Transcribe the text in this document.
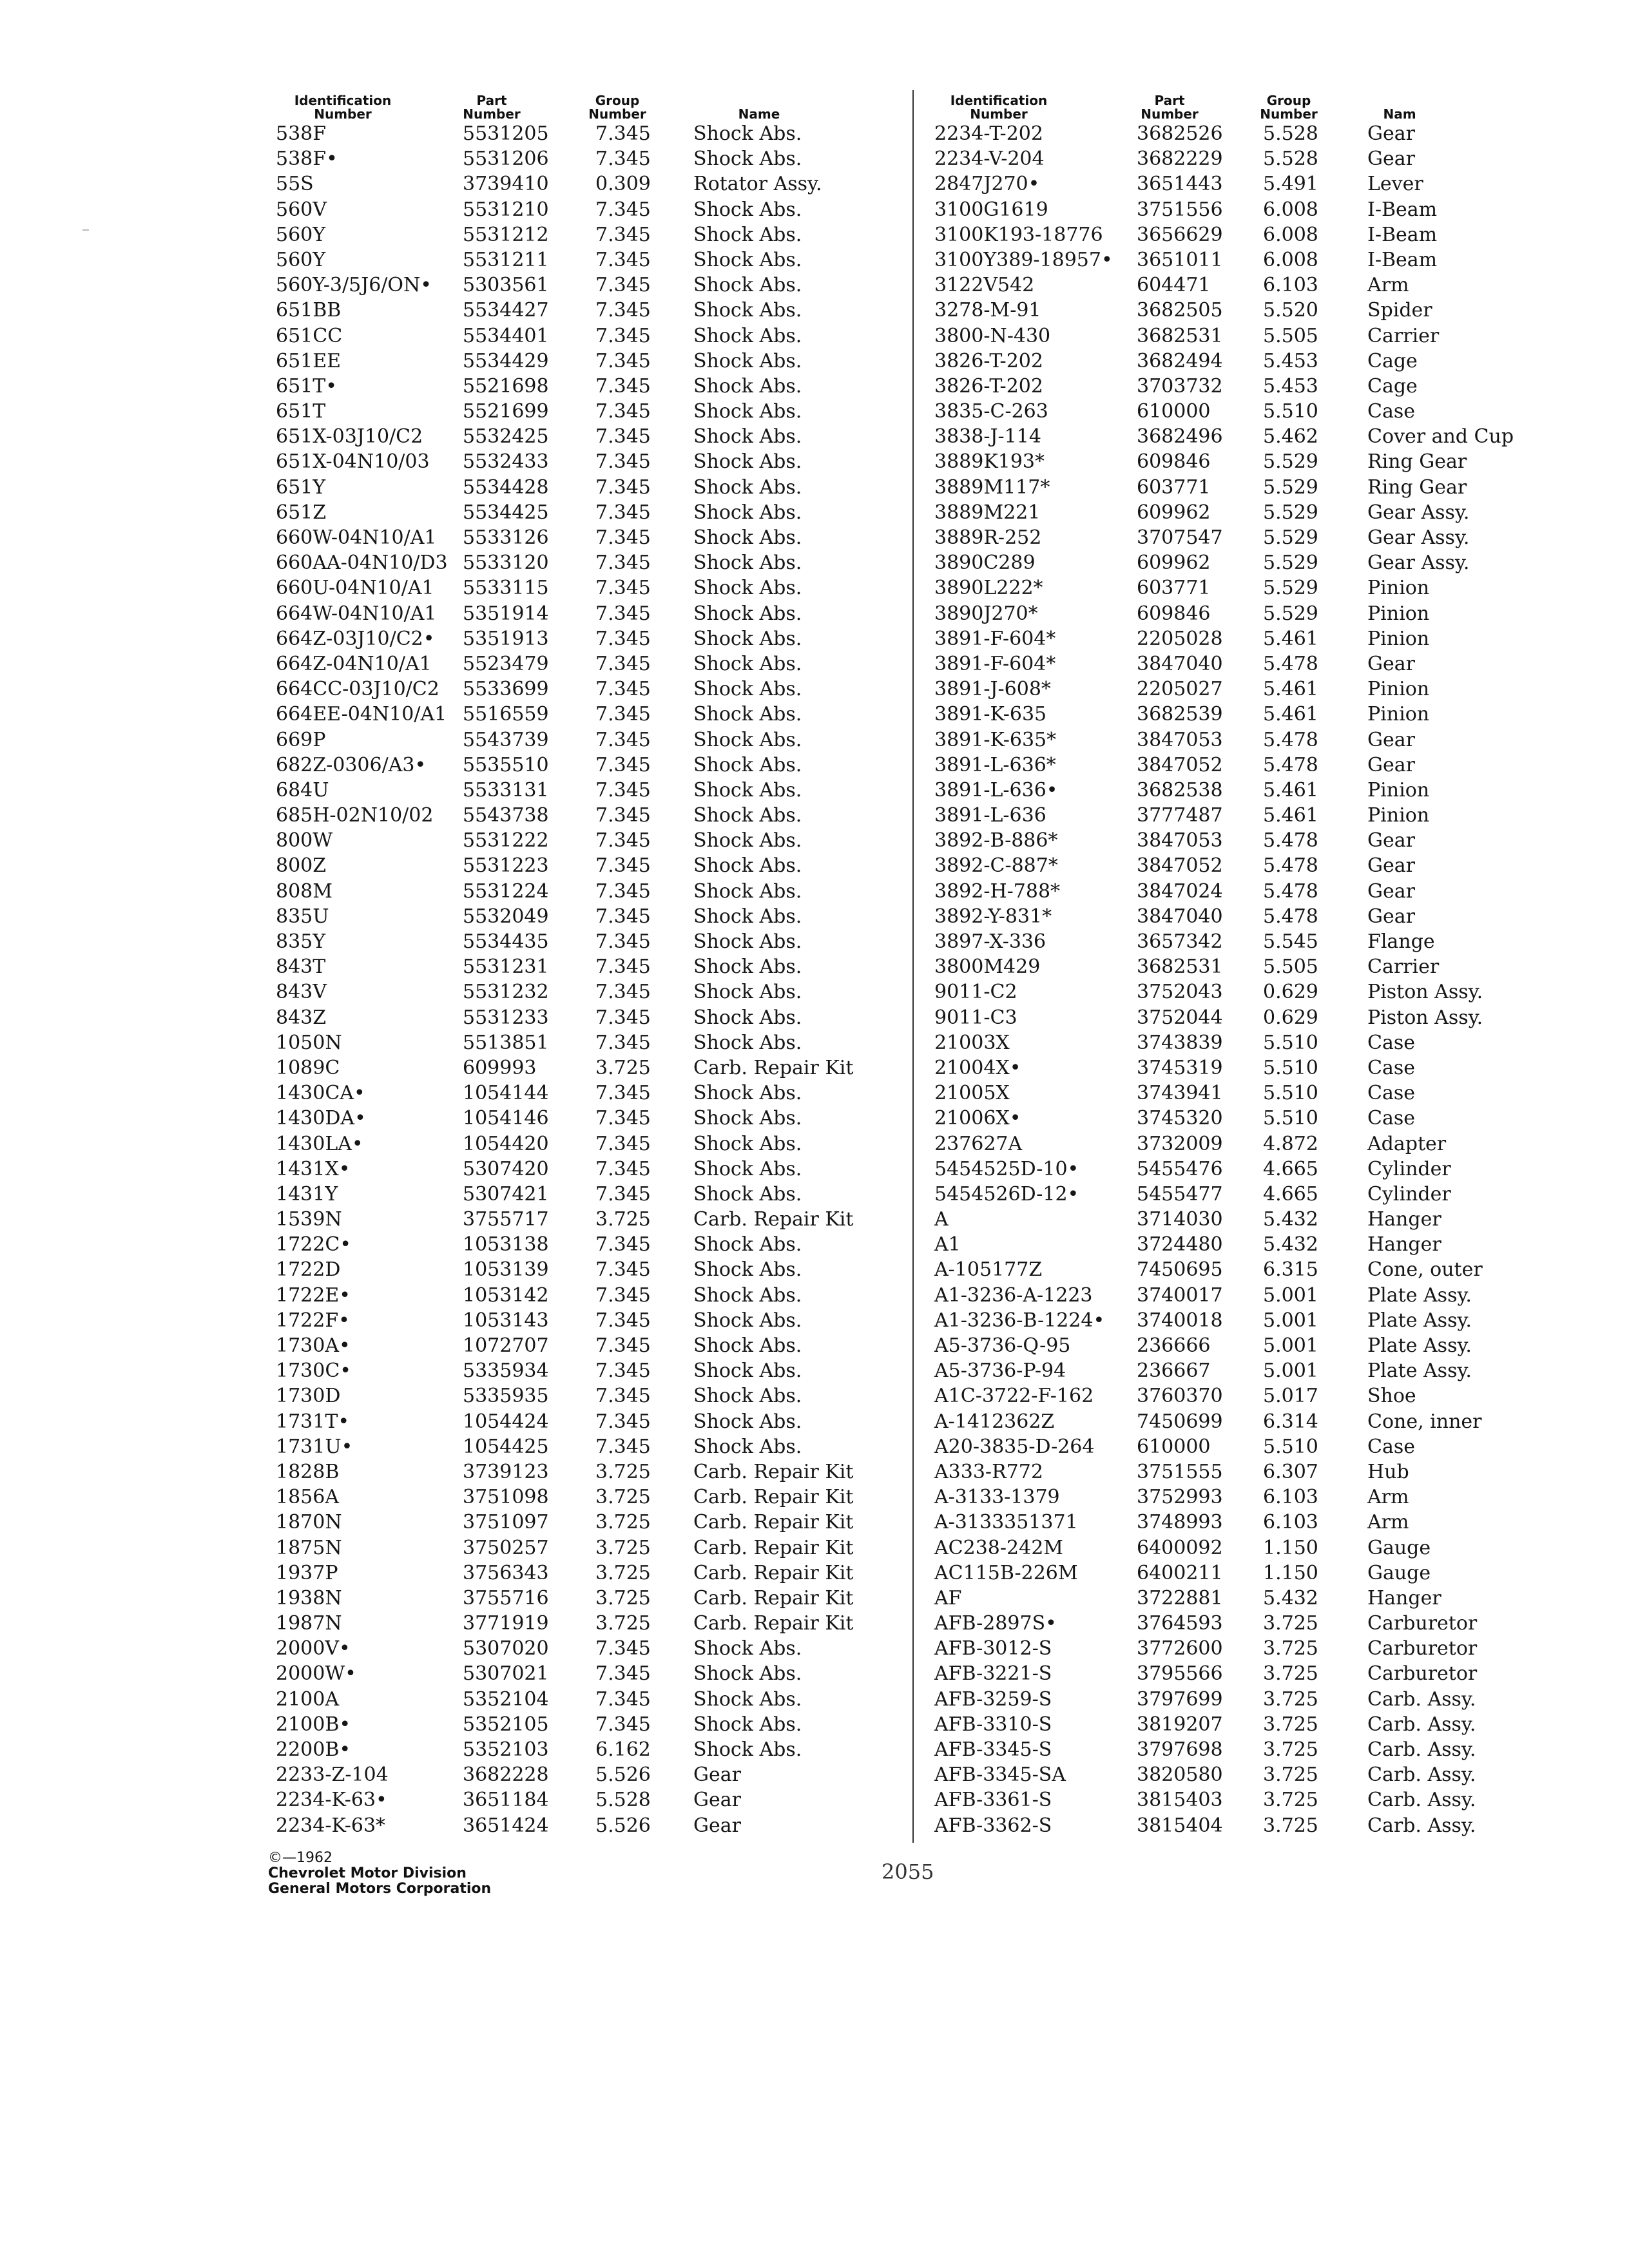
Identification
Number
Part
Number
Group
Number	Name
538F	5531205 7.345 Shock Abs.
538F•	5531206 7.345 Shock Abs.
55S	3739410 0.309 Rotator Assy.
560V	5531210 7.345 Shock Abs.
560Y	5531212 7.345 Shock Abs.
560Y	5531211 7.345 Shock Abs.
560Y-3/5J6/ON• 5303561 7.345 Shock Abs.
651BB	5534427 7.345 Shock Abs.
651CC	5534401 7.345 Shock Abs.
651EE	5534429 7.345 Shock Abs.
651T•	5521698 7.345 Shock Abs.
651T	5521699 7.345 Shock Abs.
651X-03J10/C2 5532425 7.345 Shock Abs.
651X-04N10/03 5532433 7.345 Shock Abs.
651Y	5534428 7.345 Shock Abs.
651Z	5534425 7.345 Shock Abs.
660W-04N10/A1 5533126 7.345 Shock Abs.
660AA-04N10/D3 5533120 7.345 Shock Abs.
660U-04N10/A1 5533115 7.345 Shock Abs.
664W-04N10/A1 5351914 7.345 Shock Abs.
664Z-03J10/C2• 5351913 7.345 Shock Abs.
664Z-04N10/A1 5523479 7.345 Shock Abs.
664CC-03J10/C2 5533699 7.345 Shock Abs.
664EE-04N10/A1 5516559 7.345 Shock Abs.
669P	5543739 7.345 Shock Abs.
682Z-0306/A3• 5535510 7.345 Shock Abs.
684U	5533131 7.345 Shock Abs.
685H-02N10/02 5543738 7.345 Shock Abs.
800W	5531222 7.345 Shock Abs.
800Z	5531223 7.345 Shock Abs.
808M	5531224 7.345 Shock Abs.
835U	5532049 7.345 Shock Abs.
835Y	5534435 7.345 Shock Abs.
843T	5531231 7.345 Shock Abs.
843V	5531232 7.345 Shock Abs.
843Z	5531233 7.345 Shock Abs.
1050N	5513851 7.345 Shock Abs.
1089C	609993	3.725 Carb. Repair Kit
1430CA•	1054144 7.345 Shock Abs.
1430DA•	1054146 7.345 Shock Abs.
1430LA•	1054420 7.345 Shock Abs.
1431X•	5307420 7.345 Shock Abs.
1431Y	5307421 7.345 Shock Abs.
1539N	3755717 3.725 Carb. Repair Kit
1722C•	1053138 7.345 Shock Abs.
1722D	1053139 7.345 Shock Abs.
1722E•	1053142 7.345 Shock Abs.
1722F•	1053143 7.345 Shock Abs.
1730A•	1072707 7.345 Shock Abs.
1730C•	5335934 7.345 Shock Abs.
1730D	5335935 7.345 Shock Abs.
1731T•	1054424 7.345 Shock Abs.
1731U•	1054425 7.345 Shock Abs.
1828B	3739123 3.725 Carb. Repair Kit
1856A	3751098 3.725 Carb. Repair Kit
1870N	3751097 3.725 Carb. Repair Kit
1875N	3750257 3.725 Carb. Repair Kit
1937P	3756343 3.725 Carb. Repair Kit
1938N	3755716 3.725 Carb. Repair Kit
1987N	3771919 3.725 Carb. Repair Kit
2000V•	5307020 7.345 Shock Abs.
2000W•	5307021 7.345 Shock Abs.
2100A	5352104 7.345 Shock Abs.
2100B•	5352105 7.345 Shock Abs.
2200B•	5352103 6.162 Shock Abs.
2233-Z-104	3682228 5.526 Gear
2234-K-63•	3651184 5.528 Gear
2234-K-63*	3651424 5.526 Gear
Identification
Number
Part
Number
Group
Number	Nam
2234-T-202	3682526 5.528	Gear
2234-V-204	3682229 5.528	Gear
2847J270•	3651443 5.491	Lever
3100G1619	3751556 6.008	I-Beam
3100K193-18776 3656629 6.008	I-Beam
3100Y389-18957• 3651011 6.008	I-Beam
3122V542	604471	6.103	Arm
3278-M-91	3682505 5.520	Spider
3800-N-430	3682531 5.505	Carrier
3826-T-202	3682494 5.453	Cage
3826-T-202	3703732 5.453	Cage
3835-C-263	610000	5.510	Case
3838-J-114	3682496 5.462	Cover and Cup
3889K193*	609846	5.529	Ring Gear
3889M117*	603771	5.529	Ring Gear
3889M221	609962	5.529	Gear Assy.
3889R-252	3707547 5.529	Gear Assy.
3890C289	609962	5.529	Gear Assy.
3890L222*	603771	5.529	Pinion
3890J270*	609846	5.529	Pinion
3891-F-604*	2205028 5.461	Pinion
3891-F-604*	3847040 5.478	Gear
3891-J-608*	2205027 5.461	Pinion
3891-K-635	3682539 5.461	Pinion
3891-K-635*	3847053 5.478	Gear
3891-L-636*	3847052 5.478	Gear
3891-L-636•	3682538 5.461	Pinion
3891-L-636	3777487 5.461	Pinion
3892-B-886*	3847053 5.478	Gear
3892-C-887*	3847052 5.478	Gear
3892-H-788*	3847024 5.478	Gear
3892-Y-831*	3847040 5.478	Gear
3897-X-336	3657342 5.545	Flange
3800M429	3682531 5.505	Carrier
9011-C2	3752043 0.629	Piston Assy.
9011-C3	3752044 0.629	Piston Assy.
21003X	3743839 5.510	Case
21004X•	3745319 5.510	Case
21005X	3743941 5.510	Case
21006X•	3745320 5.510	Case
237627A	3732009 4.872	Adapter
5454525D-10•	5455476 4.665	Cylinder
5454526D-12•	5455477 4.665	Cylinder
A	3714030 5.432	Hanger
A1	3724480 5.432	Hanger
A-105177Z	7450695 6.315	Cone, outer
A1-3236-A-1223 3740017 5.001	Plate Assy.
A1-3236-B-1224• 3740018 5.001	Plate Assy.
A5-3736-Q-95	236666	5.001	Plate Assy.
A5-3736-P-94	236667	5.001	Plate Assy.
A1C-3722-F-162 3760370 5.017	Shoe
A-1412362Z	7450699 6.314	Cone, inner
A20-3835-D-264 610000	5.510	Case
A333-R772	3751555 6.307	Hub
A-3133-1379	3752993 6.103	Arm
A-3133351371	3748993 6.103	Arm
AC238-242M	6400092 1.150	Gauge
AC115B-226M	6400211 1.150	Gauge
AF	3722881 5.432	Hanger
AFB-2897S•	3764593 3.725	Carburetor
AFB-3012-S	3772600 3.725	Carburetor
AFB-3221-S	3795566 3.725	Carburetor
AFB-3259-S	3797699 3.725	Carb. Assy.
AFB-3310-S	3819207 3.725	Carb. Assy.
AFB-3345-S	3797698 3.725	Carb. Assy.
AFB-3345-SA	3820580 3.725	Carb. Assy.
AFB-3361-S	3815403 3.725	Carb. Assy.
AFB-3362-S	3815404 3.725	Carb. Assy.
©—1962
Chevrolet Motor Division
General Motors Corporation
2055
